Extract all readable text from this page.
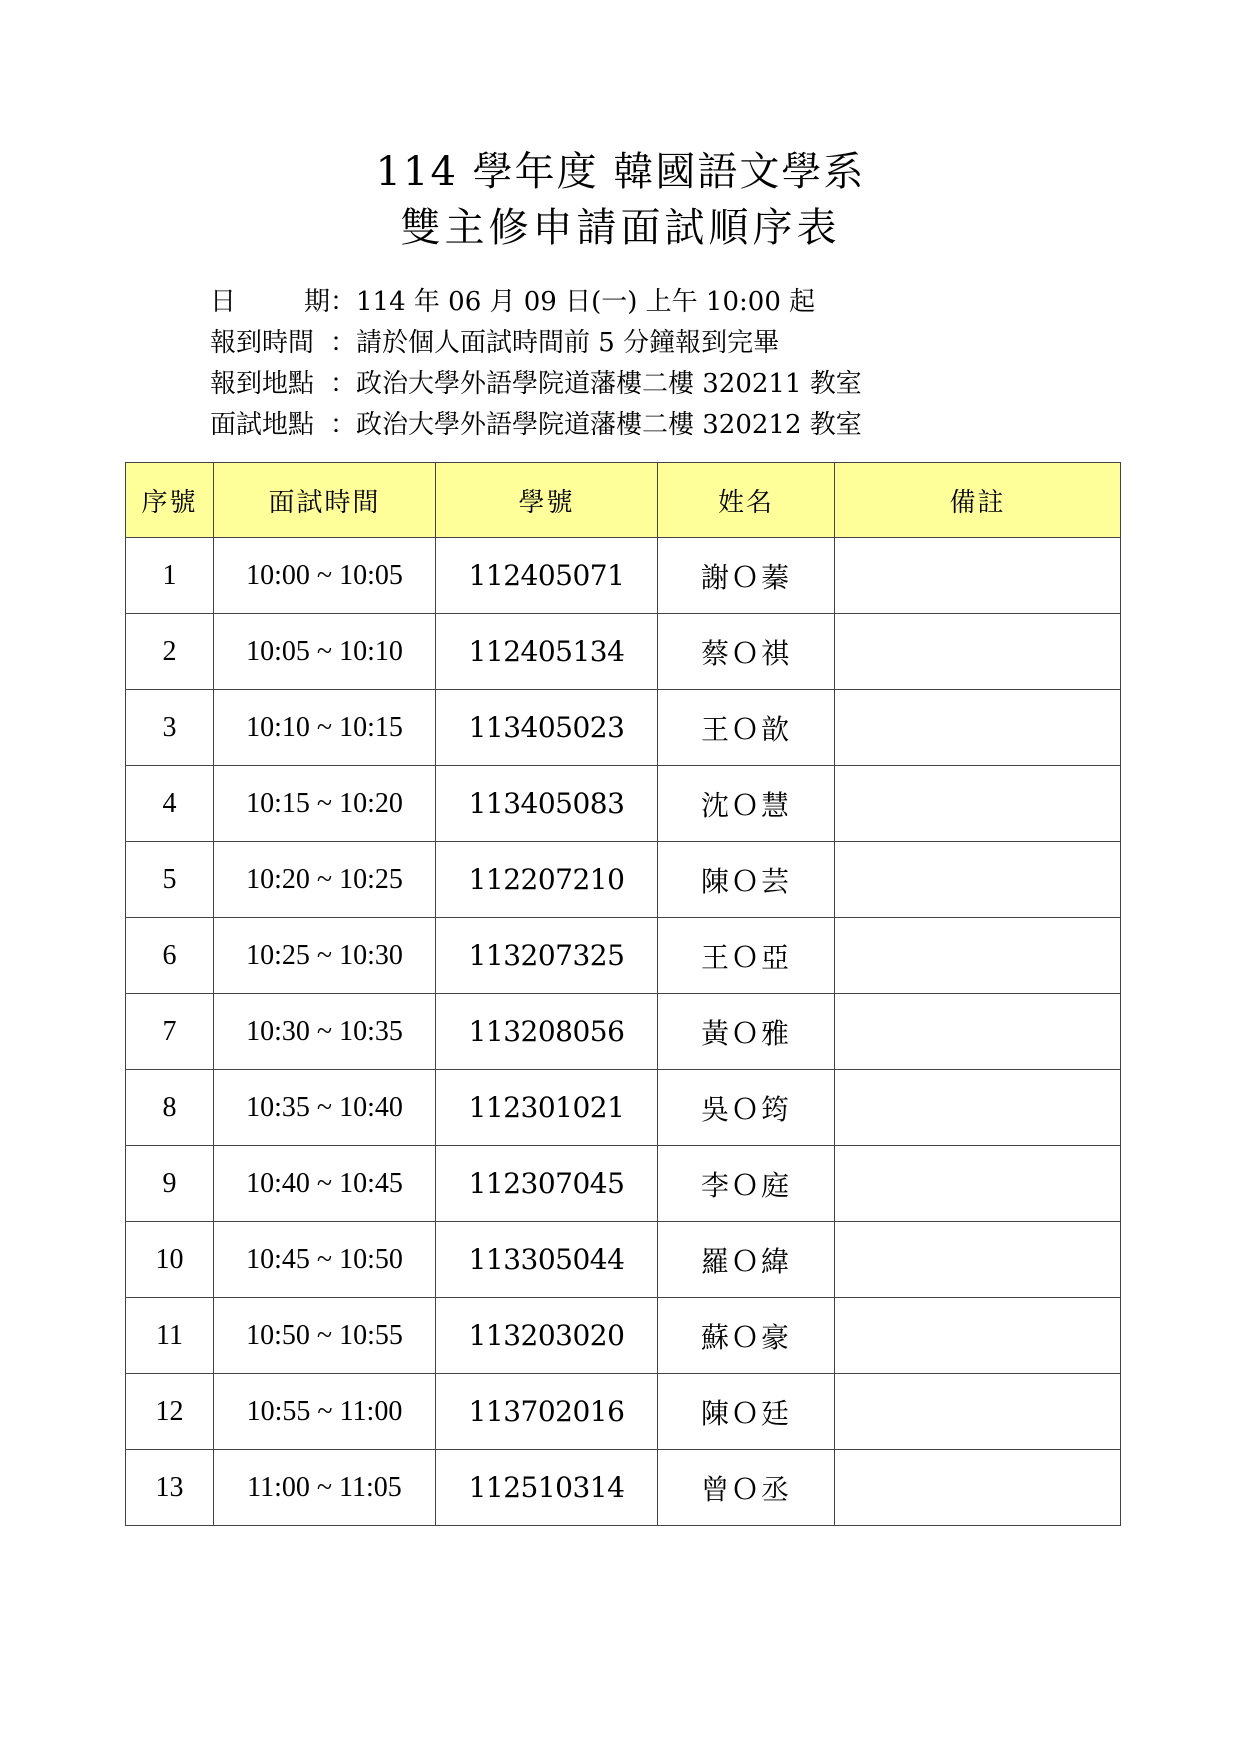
114 學年度 韓國語文學系
雙主修申請面試順序表
日	期 ： 114 年 06 月 09 日(一) 上午 10:00 起
報到時間 ： 請於個人面試時間前 5 分鐘報到完畢
報到地點 ： 政治大學外語學院道藩樓二樓 320211 教室
面試地點 ： 政治大學外語學院道藩樓二樓 320212 教室
序號	面試時間	學號	姓名	備註
1	10:00 ~ 10:05	112405071	謝Ｏ蓁	
2	10:05 ~ 10:10	112405134	蔡Ｏ祺	
3	10:10 ~ 10:15	113405023	王Ｏ歆	
4	10:15 ~ 10:20	113405083	沈Ｏ慧	
5	10:20 ~ 10:25	112207210	陳Ｏ芸	
6	10:25 ~ 10:30	113207325	王Ｏ亞	
7	10:30 ~ 10:35	113208056	黃Ｏ雅	
8	10:35 ~ 10:40	112301021	吳Ｏ筠	
9	10:40 ~ 10:45	112307045	李Ｏ庭	
10	10:45 ~ 10:50	113305044	羅Ｏ緯	
11	10:50 ~ 10:55	113203020	蘇Ｏ豪	
12	10:55 ~ 11:00	113702016	陳Ｏ廷	
13	11:00 ~ 11:05	112510314	曾Ｏ丞	
